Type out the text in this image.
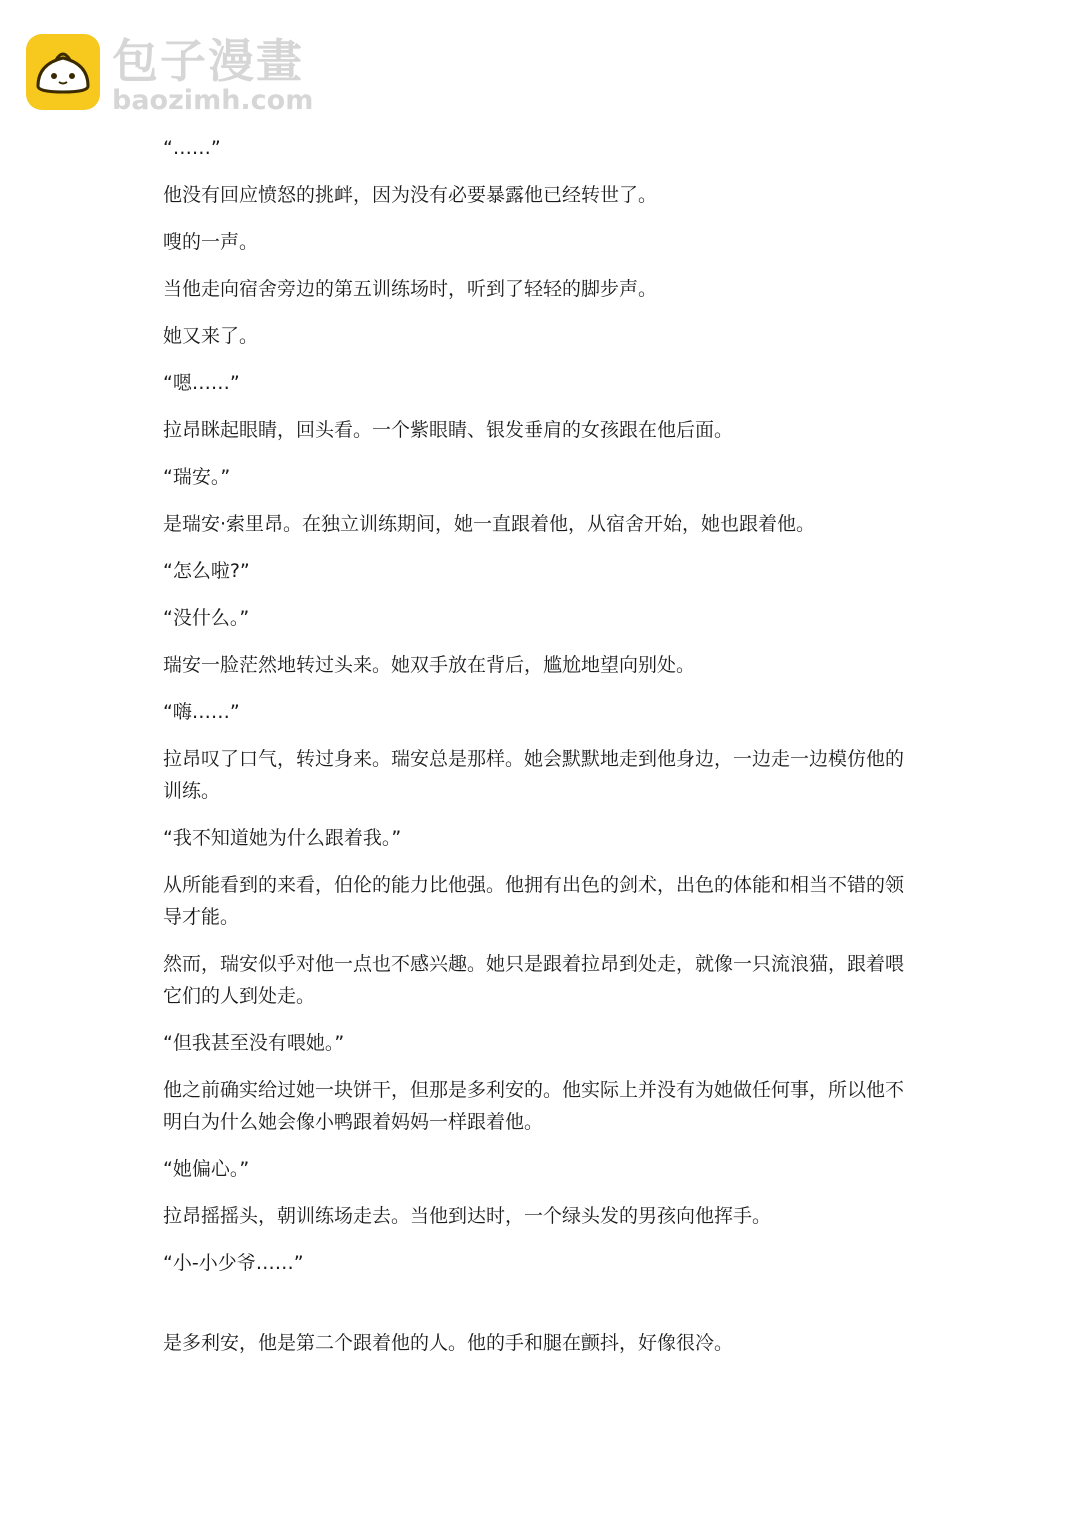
包子漫畫
baozimh.com

“……”

他没有回应愤怒的挑衅，因为没有必要暴露他已经转世了。

嗖的一声。

当他走向宿舍旁边的第五训练场时，听到了轻轻的脚步声。

她又来了。

“嗯……”

拉昂眯起眼睛，回头看。一个紫眼睛、银发垂肩的女孩跟在他后面。

“瑞安。”

是瑞安·索里昂。在独立训练期间，她一直跟着他，从宿舍开始，她也跟着他。

“怎么啦?”

“没什么。”

瑞安一脸茫然地转过头来。她双手放在背后，尴尬地望向别处。

“嗨……”

拉昂叹了口气，转过身来。瑞安总是那样。她会默默地走到他身边，一边走一边模仿他的训练。

“我不知道她为什么跟着我。”

从所能看到的来看，伯伦的能力比他强。他拥有出色的剑术，出色的体能和相当不错的领导才能。

然而，瑞安似乎对他一点也不感兴趣。她只是跟着拉昂到处走，就像一只流浪猫，跟着喂它们的人到处走。

“但我甚至没有喂她。”

他之前确实给过她一块饼干，但那是多利安的。他实际上并没有为她做任何事，所以他不明白为什么她会像小鸭跟着妈妈一样跟着他。

“她偏心。”

拉昂摇摇头，朝训练场走去。当他到达时，一个绿头发的男孩向他挥手。

“小-小少爷……”

是多利安，他是第二个跟着他的人。他的手和腿在颤抖，好像很冷。
